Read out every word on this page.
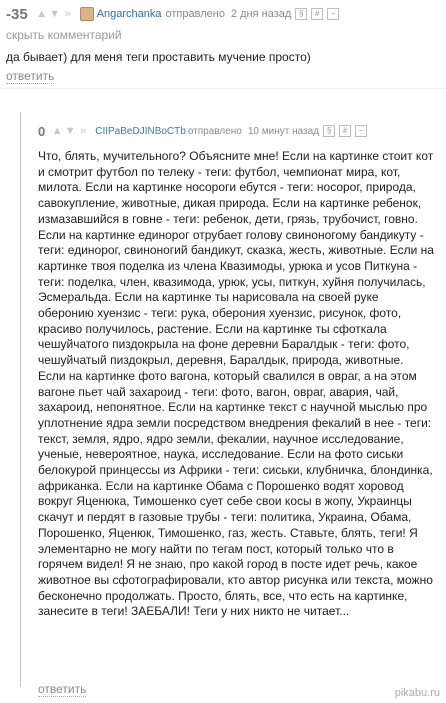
-35 ▲ ▼ » Angarchanka отправлено 2 дня назад §	#	−
скрыть комментарий
да бывает) для меня теги проставить мучение просто)
ответить
0 ▲ ▼ » CIIPaBeDJINBoCTb отправлено 10 минут назад §	#	−
Что, блять, мучительного? Объясните мне! Если на картинке стоит кот и смотрит футбол по телеку - теги: футбол, чемпионат мира, кот, милота. Если на картинке носороги ебутся - теги: носорог, природа, савокупление, животные, дикая природа. Если на картинке ребенок, измазавшийся в говне - теги: ребенок, дети, грязь, трубочист, говно. Если на картинке единорог отрубает голову свиноногому бандикуту - теги: единорог, свиноногий бандикут, сказка, жесть, животные. Если на картинке твоя поделка из члена Квазимоды, урюка и усов Питкуна - теги: поделка, член, квазимода, урюк, усы, питкун, хуйня получилась, Эсмеральда. Если на картинке ты нарисовала на своей руке оберонию хуензис - теги: рука, оберония хуензис, рисунок, фото, красиво получилось, растение. Если на картинке ты сфоткала чешуйчатого пиздокрыла на фоне деревни Баралдык - теги: фото, чешуйчатый пиздокрыл, деревня, Баралдык, природа, животные. Если на картинке фото вагона, который свалился в овраг, а на этом вагоне пьет чай захароид - теги: фото, вагон, овраг, авария, чай, захароид, непонятное. Если на картинке текст с научной мыслью про уплотнение ядра земли посредством внедрения фекалий в нее - теги: текст, земля, ядро, ядро земли, фекалии, научное исследование, ученые, невероятное, наука, исследование. Если на фото сиськи белокурой принцессы из Африки - теги: сиськи, клубничка, блондинка, африканка. Если на картинке Обама с Порошенко водят хоровод вокруг Яценюка, Тимошенко сует себе свои косы в жопу, Украинцы скачут и пердят в газовые трубы - теги: политика, Украина, Обама, Порошенко, Яценюк, Тимошенко, газ, жесть. Ставьте, блять, теги! Я элементарно не могу найти по тегам пост, который только что в горячем видел! Я не знаю, про какой город в посте идет речь, какое животное вы сфотографировали, кто автор рисунка или текста, можно бесконечно продолжать. Просто, блять, все, что есть на картинке, занесите в теги! ЗАЕБАЛИ! Теги у них никто не читает...
ответить	pikabu.ru
